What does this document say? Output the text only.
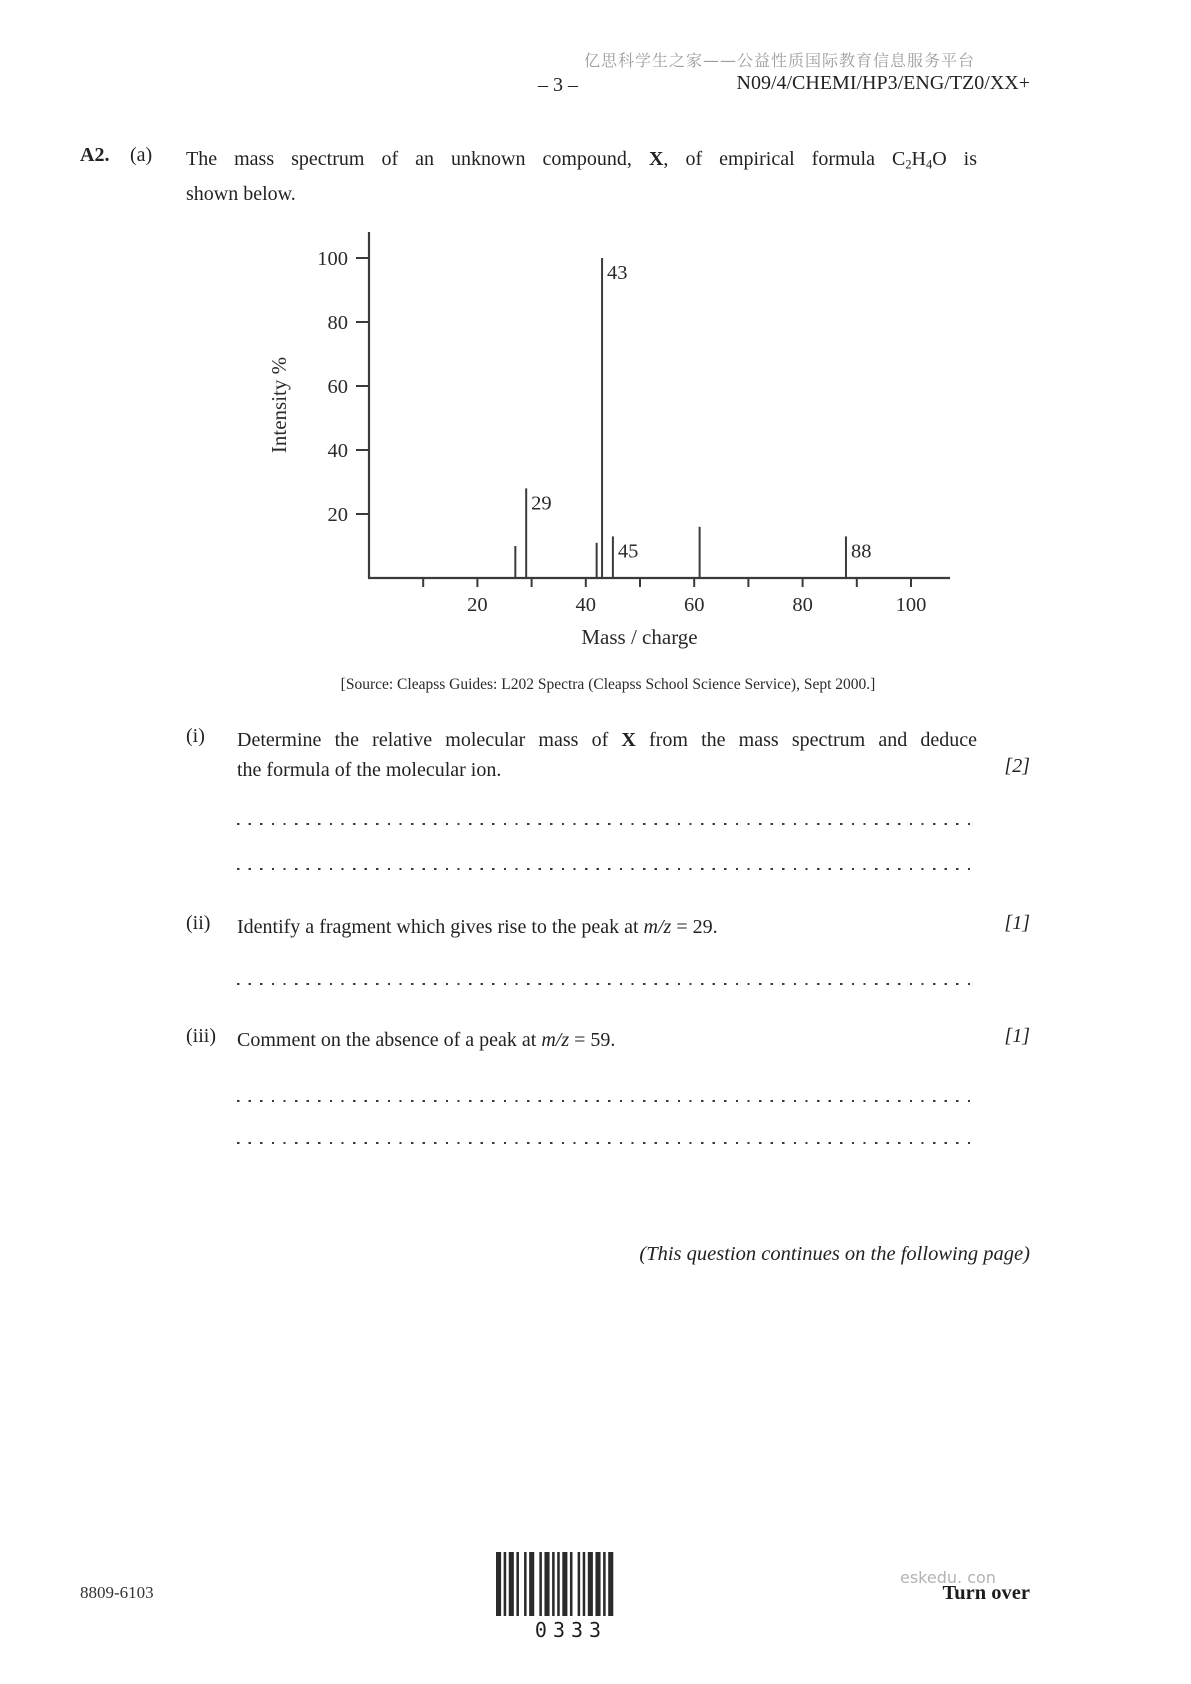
亿思科学生之家——公益性质国际教育信息服务平台
– 3 –	N09/4/CHEMI/HP3/ENG/TZ0/XX+
A2. (a) The mass spectrum of an unknown compound, X, of empirical formula $C_2H_4O$ is
shown below.
20
40
60
80
100
20	40	60	80	100
29
43
45	88
Intensity %
Mass / charge
[Source: Cleapss Guides: L202 Spectra (Cleapss School Science Service), Sept 2000.]
(i) Determine the relative molecular mass of X from the mass spectrum and deduce
the formula of the molecular ion.	[2]
(ii) Identify a fragment which gives rise to the peak at m/z = 29.	[1]
(iii) Comment on the absence of a peak at m/z = 59.	[1]
(This question continues on the following page)
8809-6103
0333
eskedu. con
Turn over
